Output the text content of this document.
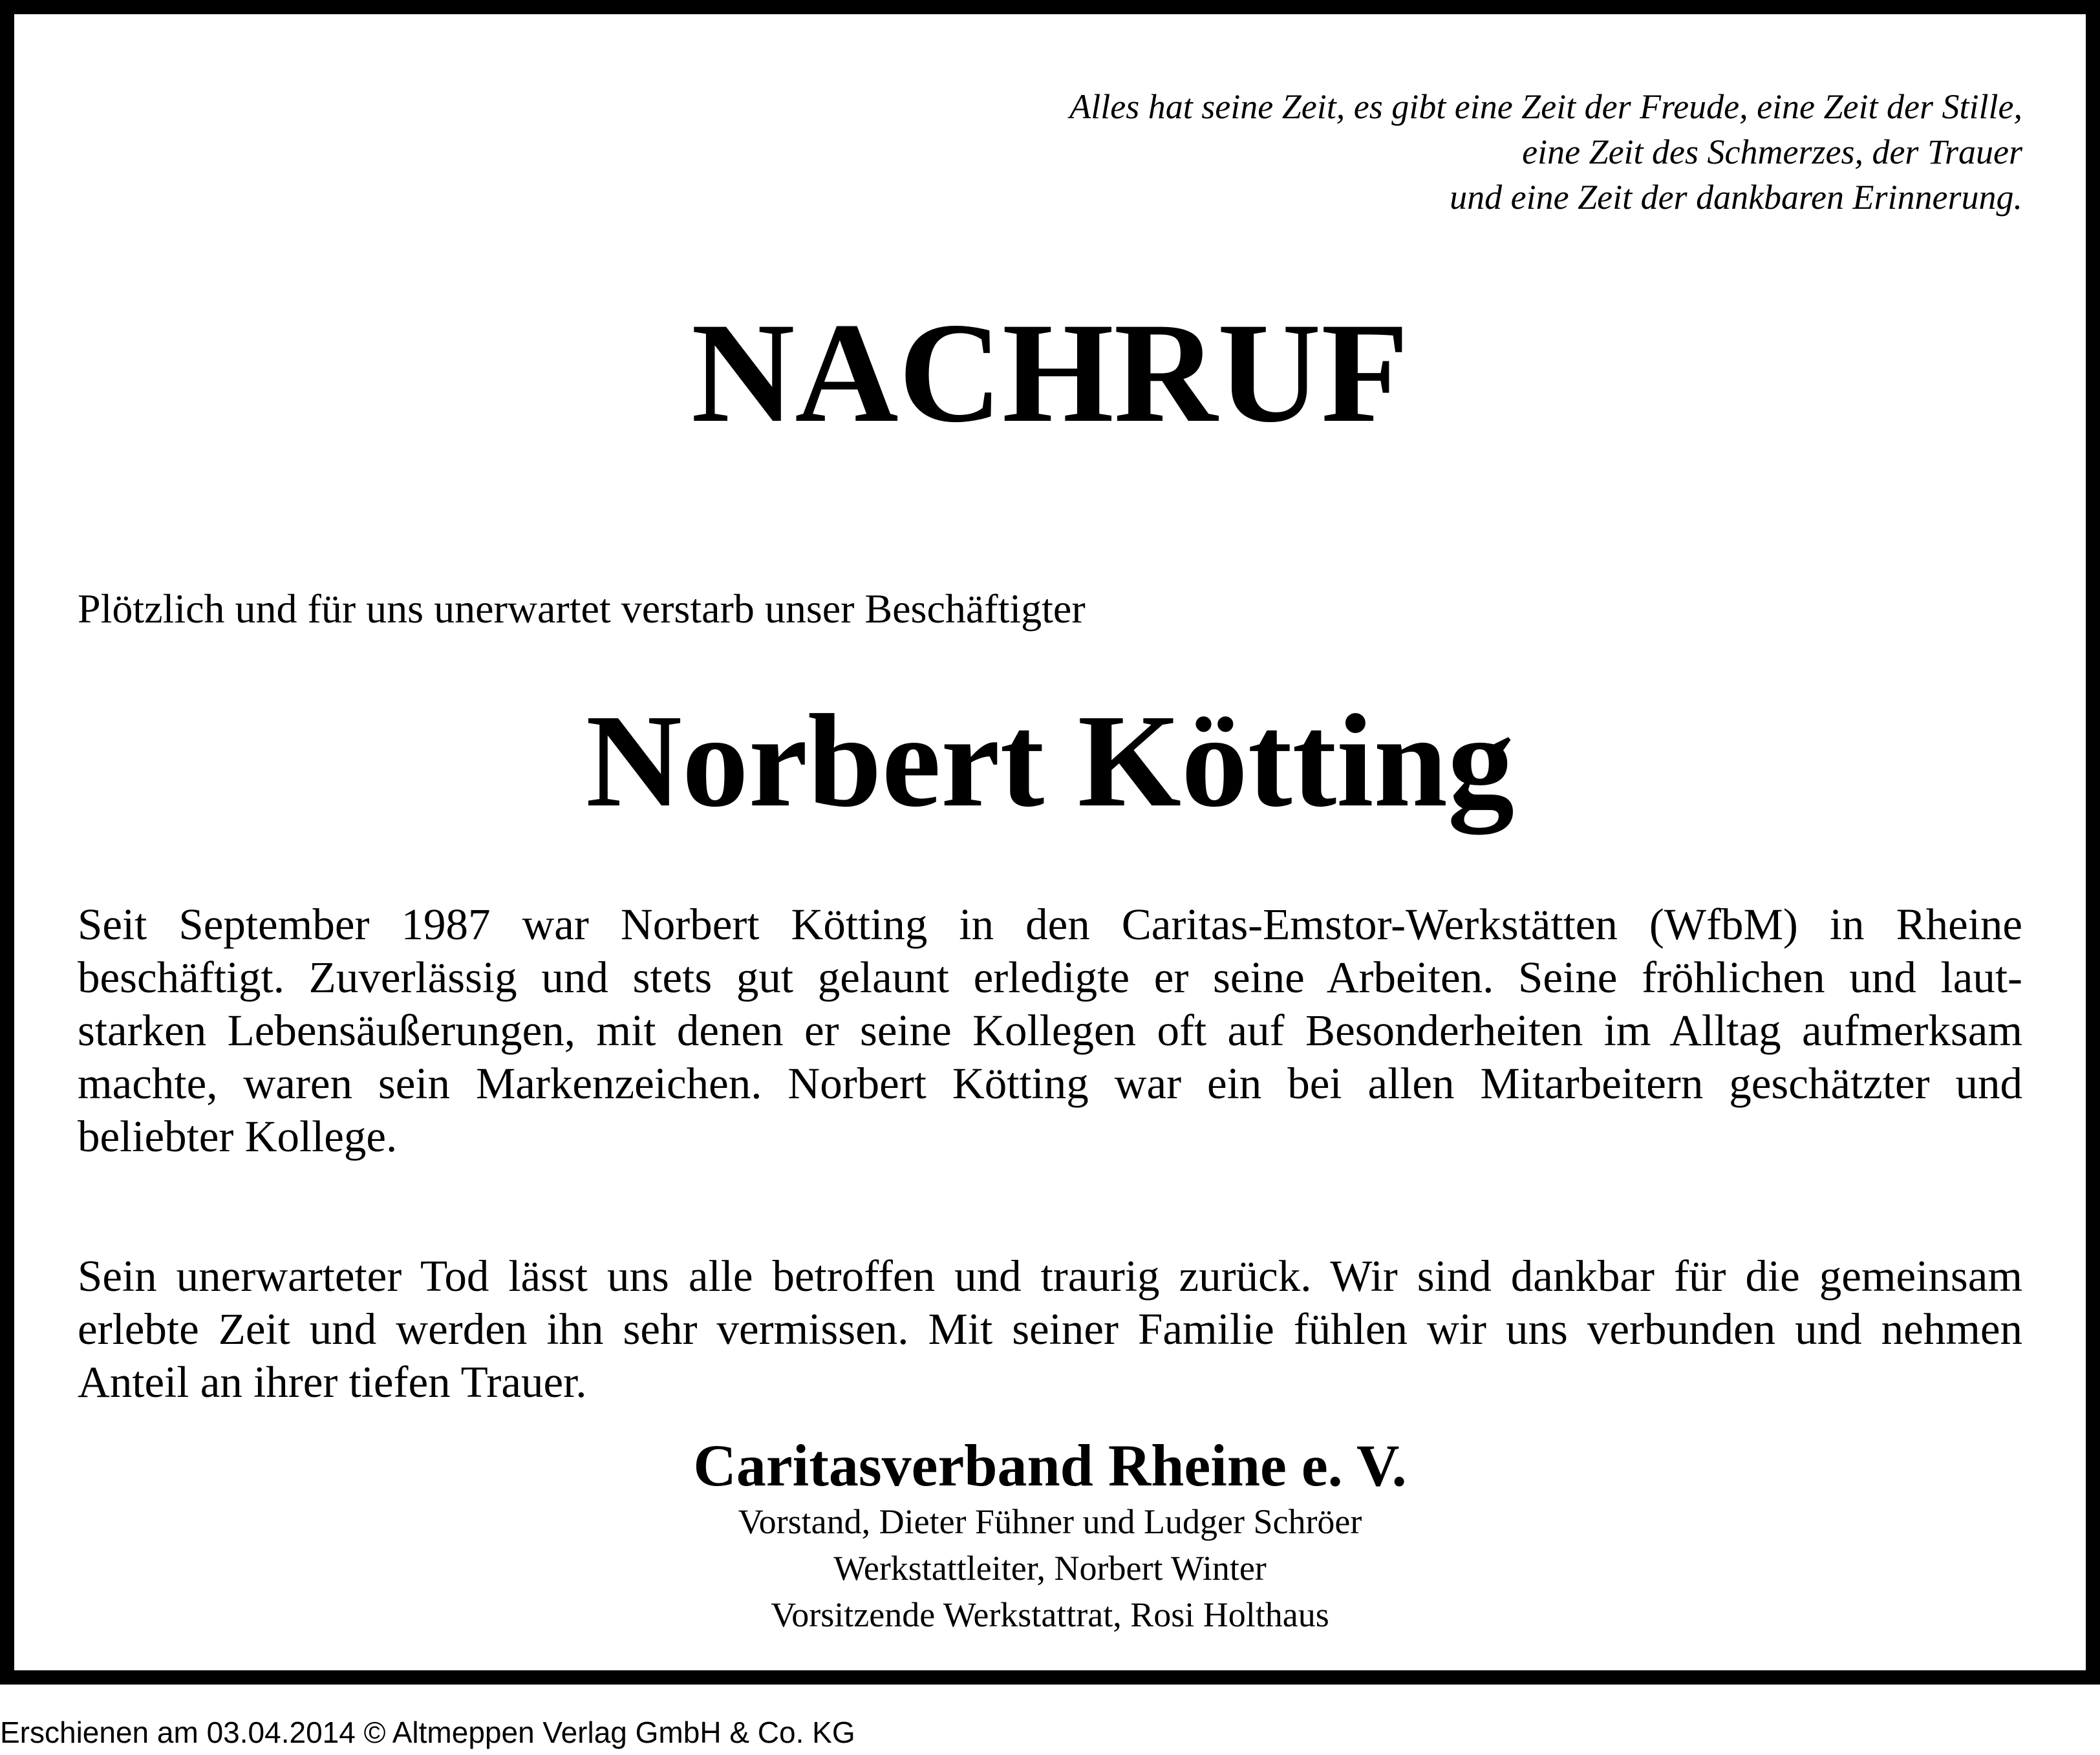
Alles hat seine Zeit, es gibt eine Zeit der Freude, eine Zeit der Stille,
eine Zeit des Schmerzes, der Trauer
und eine Zeit der dankbaren Erinnerung.
NACHRUF
Plötzlich und für uns unerwartet verstarb unser Beschäftigter
Norbert Kötting
Seit September 1987 war Norbert Kötting in den Caritas-Emstor-Werkstätten (WfbM) in Rheine
beschäftigt. Zuverlässig und stets gut gelaunt erledigte er seine Arbeiten. Seine fröhlichen und laut-
starken Lebensäußerungen, mit denen er seine Kollegen oft auf Besonderheiten im Alltag aufmerksam
machte, waren sein Markenzeichen. Norbert Kötting war ein bei allen Mitarbeitern geschätzter und
beliebter Kollege.
Sein unerwarteter Tod lässt uns alle betroffen und traurig zurück. Wir sind dankbar für die gemeinsam
erlebte Zeit und werden ihn sehr vermissen. Mit seiner Familie fühlen wir uns verbunden und nehmen
Anteil an ihrer tiefen Trauer.
Caritasverband Rheine e. V.
Vorstand, Dieter Fühner und Ludger Schröer
Werkstattleiter, Norbert Winter
Vorsitzende Werkstattrat, Rosi Holthaus
Erschienen am 03.04.2014 © Altmeppen Verlag GmbH & Co. KG
